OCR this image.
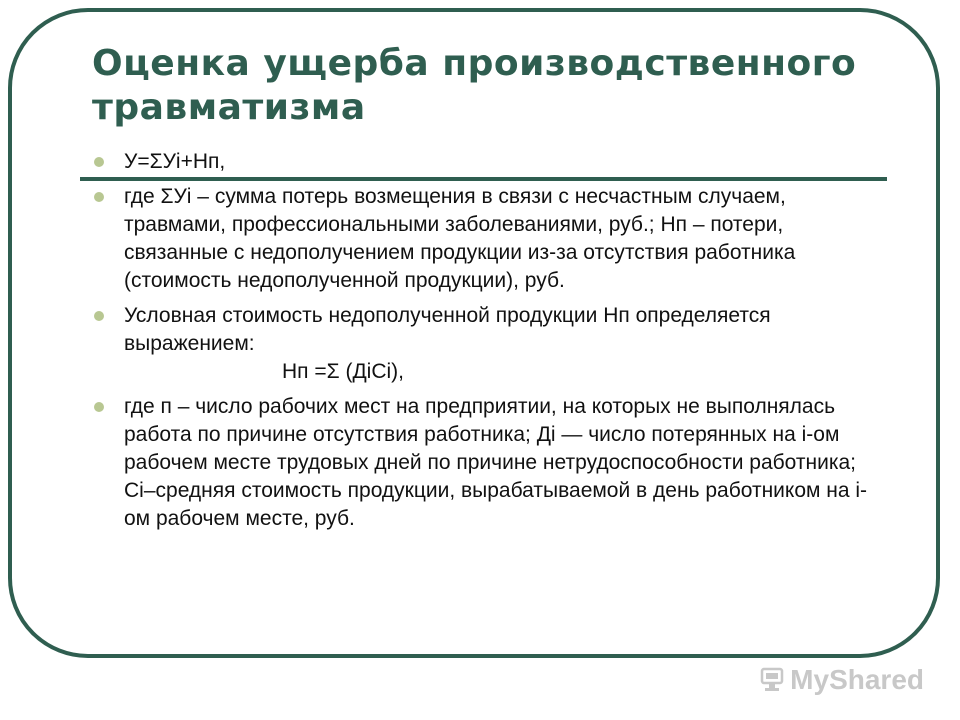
Оценка ущерба производственного травматизма
У=ΣУi+Нп,
где ΣУi – сумма потерь возмещения в связи с несчастным случаем, травмами, профессиональными заболеваниями, руб.; Нп – потери, связанные с недополучением продукции из-за отсутствия работника (стоимость недополученной продукции), руб.
Условная стоимость недополученной продукции Нп определяется выражением:
Нп =Σ (ДiСi),
где п – число рабочих мест на предприятии, на которых не выполнялась работа по причине отсутствия работника; Дi ― число потерянных на i-ом рабочем месте трудовых дней по причине нетрудоспособности работника; Сi–средняя стоимость продукции, вырабатываемой в день работником на i-ом рабочем месте, руб.
MyShared
